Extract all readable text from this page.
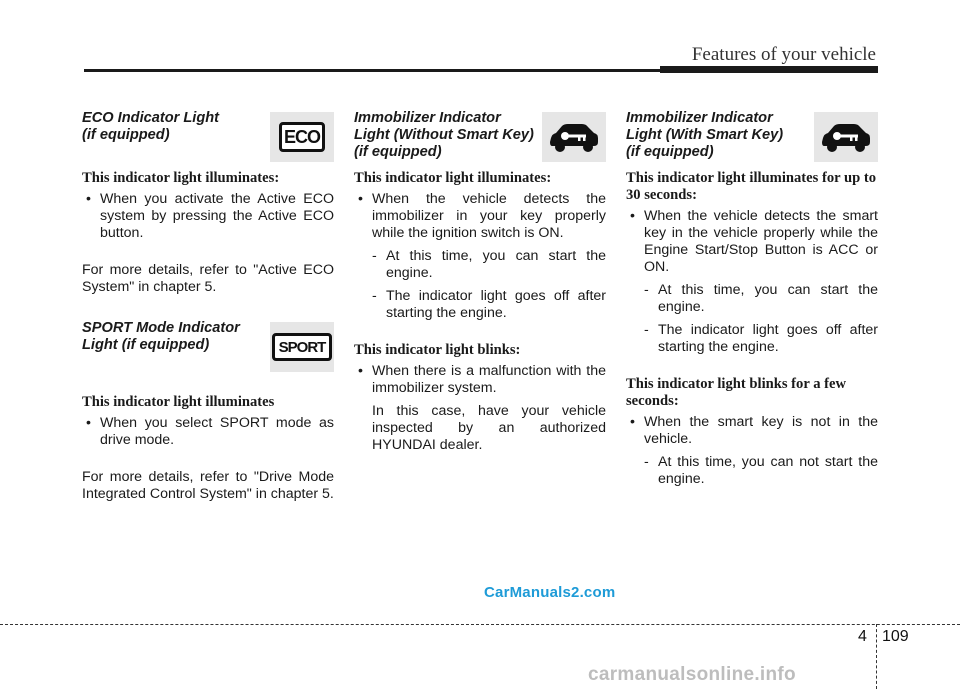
Features of your vehicle

ECO Indicator Light
(if equipped)	ECO

This indicator light illuminates:

• When you activate the Active ECO system by pressing the Active ECO button.

For more details, refer to "Active ECO System" in chapter 5.

SPORT Mode Indicator
Light (if equipped)	SPORT

This indicator light illuminates

• When you select SPORT mode as drive mode.

For more details, refer to "Drive Mode Integrated Control System" in chapter 5.

Immobilizer Indicator
Light (Without Smart Key)
(if equipped)

This indicator light illuminates:

• When the vehicle detects the immobilizer in your key properly while the ignition switch is ON.

- At this time, you can start the engine.

- The indicator light goes off after starting the engine.

This indicator light blinks:

• When there is a malfunction with the immobilizer system.

In this case, have your vehicle inspected by an authorized HYUNDAI dealer.

Immobilizer Indicator
Light (With Smart Key)
(if equipped)

This indicator light illuminates for up to 30 seconds:

• When the vehicle detects the smart key in the vehicle properly while the Engine Start/Stop Button is ACC or ON.

- At this time, you can start the engine.

- The indicator light goes off after starting the engine.

This indicator light blinks for a few seconds:

• When the smart key is not in the vehicle.

- At this time, you can not start the engine.

CarManuals2.com
4 109
carmanualsonline.info
